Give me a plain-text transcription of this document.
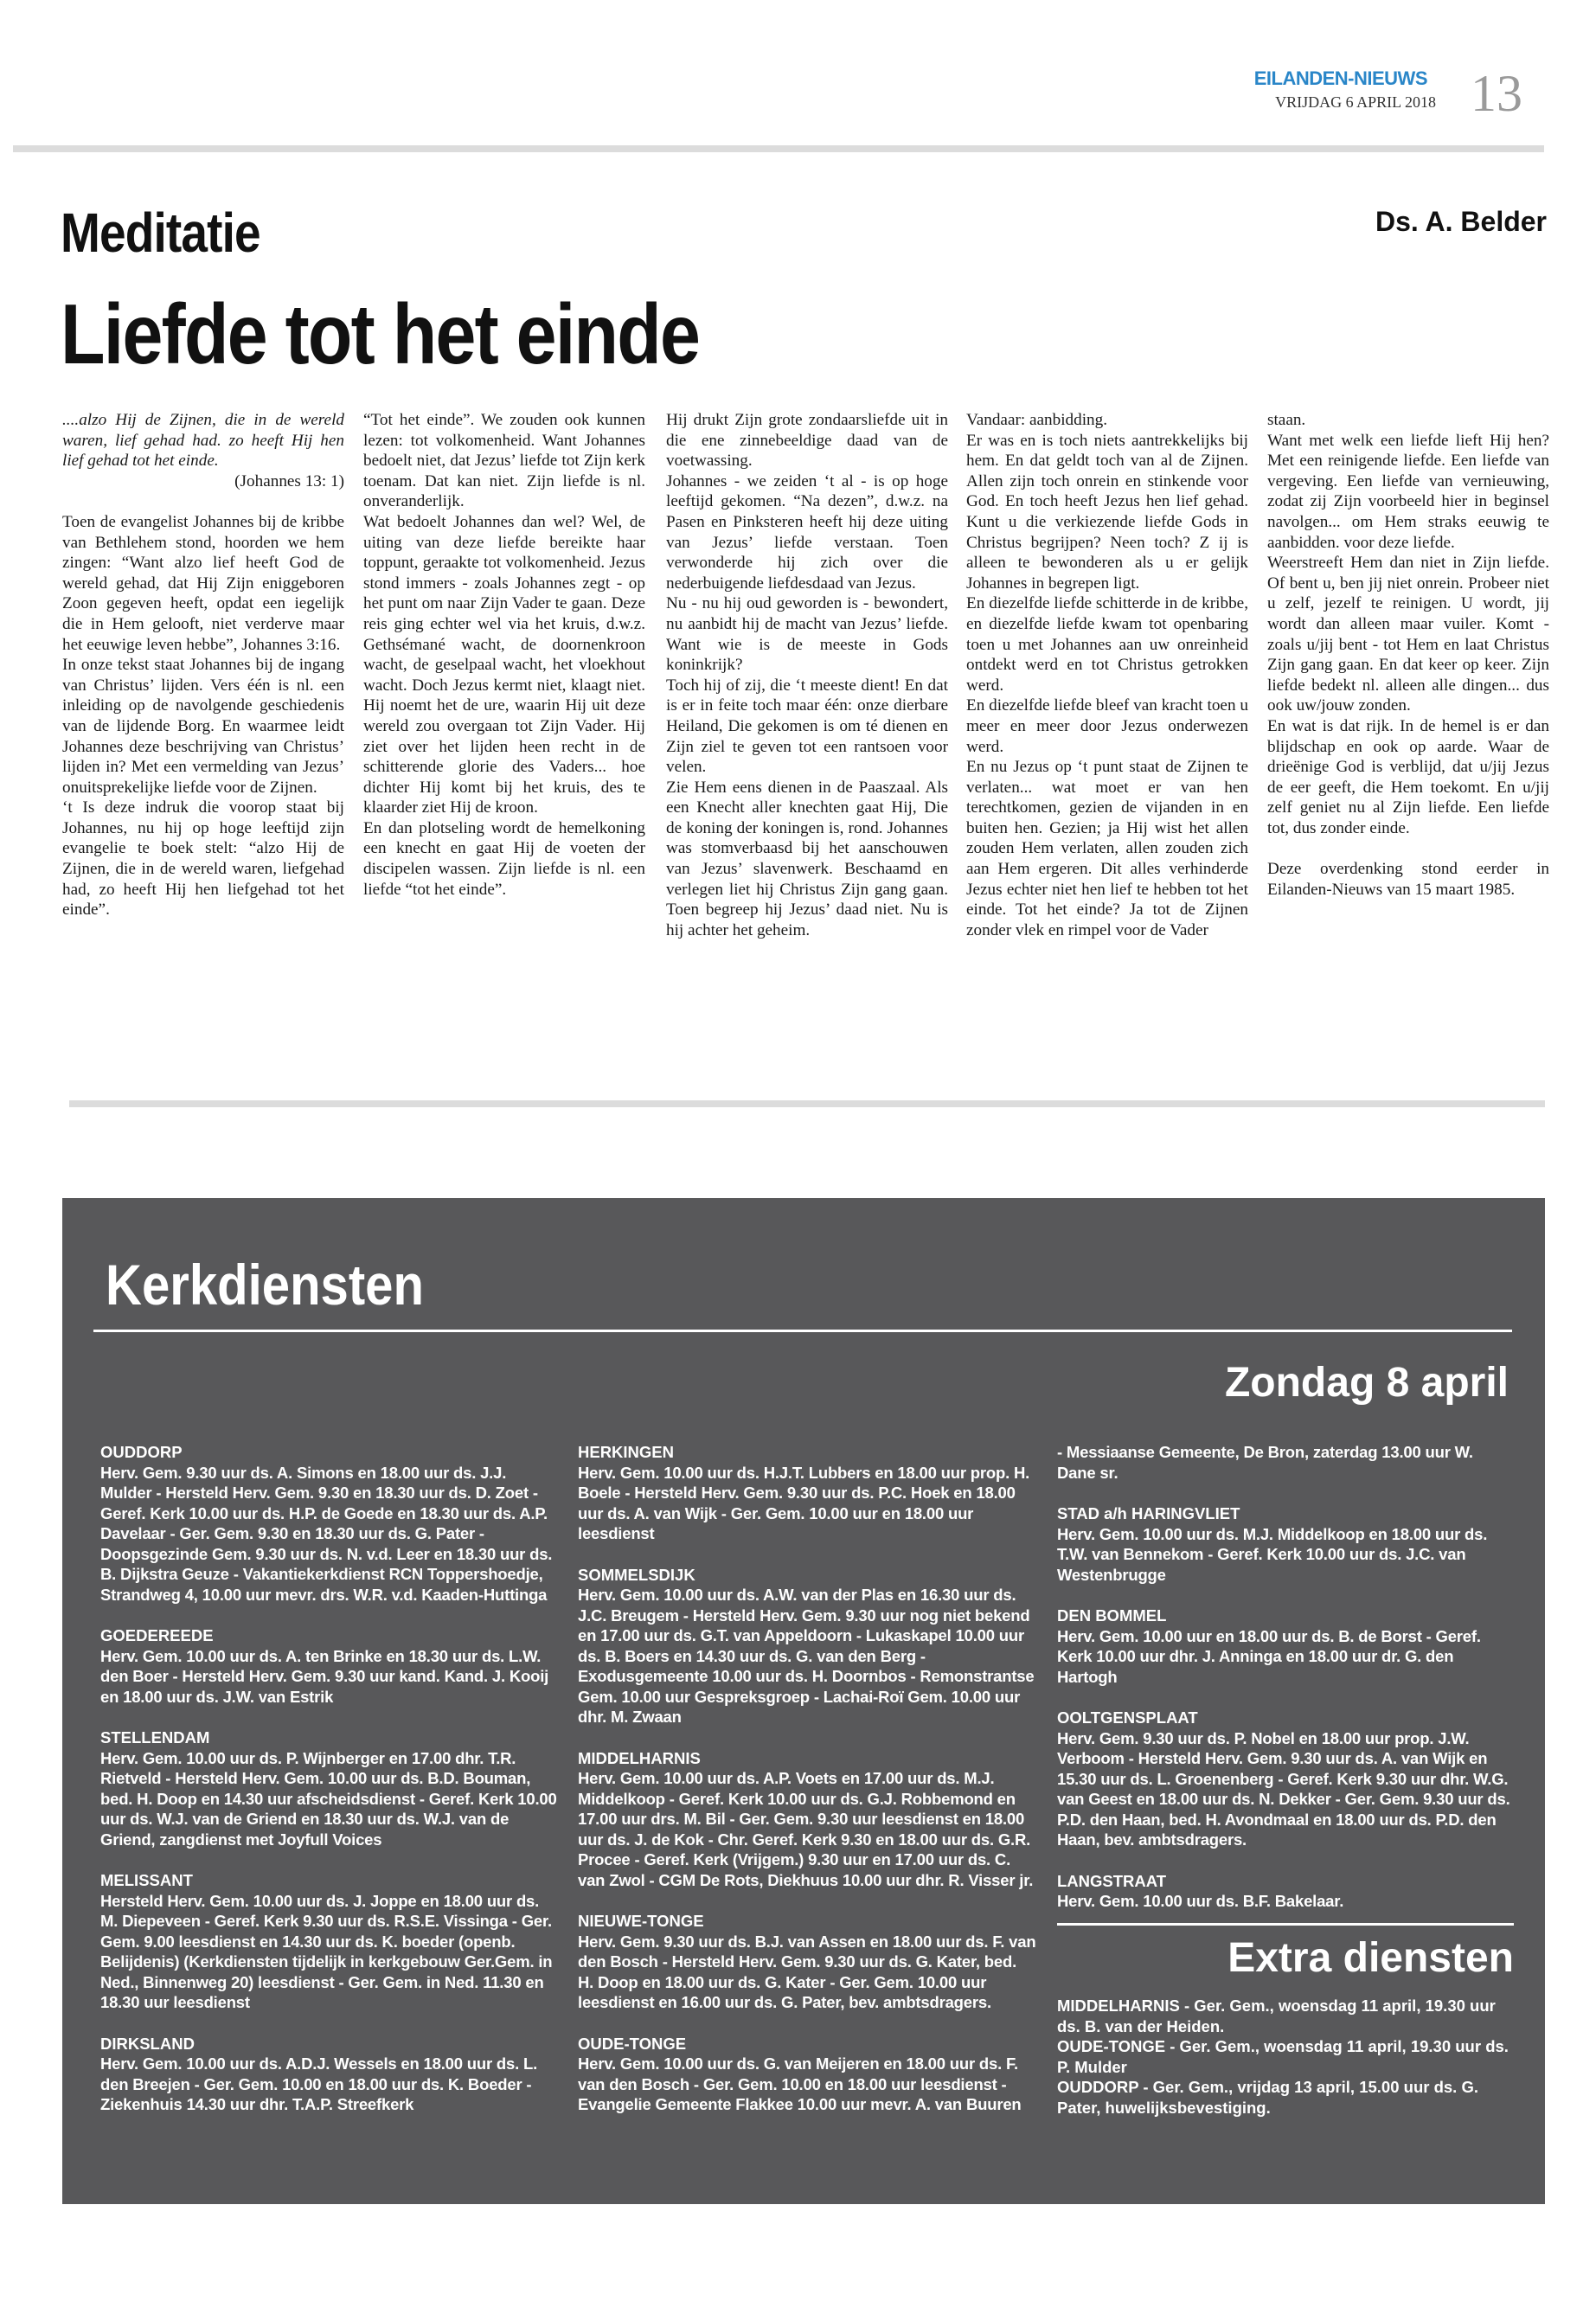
EILANDEN-NIEUWS
VRIJDAG 6 APRIL 2018 13
Meditatie	Ds. A. Belder
Liefde tot het einde

....alzo Hij de Zijnen, die in de wereld waren, lief gehad had. zo heeft Hij hen lief gehad tot het einde.

(Johannes 13: 1)

Toen de evangelist Johannes bij de kribbe van Bethlehem stond, hoorden we hem zingen: “Want alzo lief heeft God de wereld gehad, dat Hij Zijn eniggeboren Zoon gegeven heeft, opdat een iegelijk die in Hem gelooft, niet verderve maar het eeuwige leven hebbe”, Johannes 3:16.

In onze tekst staat Johannes bij de ingang van Christus’ lijden. Vers één is nl. een inleiding op de navolgende geschiedenis van de lijdende Borg. En waarmee leidt Johannes deze beschrijving van Christus’ lijden in? Met een vermelding van Jezus’ onuitsprekelijke liefde voor de Zijnen.

‘t Is deze indruk die voorop staat bij Johannes, nu hij op hoge leeftijd zijn evangelie te boek stelt: “alzo Hij de Zijnen, die in de wereld waren, liefgehad had, zo heeft Hij hen liefgehad tot het einde”.

“Tot het einde”. We zouden ook kunnen lezen: tot volkomenheid. Want Johannes bedoelt niet, dat Jezus’ liefde tot Zijn kerk toenam. Dat kan niet. Zijn liefde is nl. onveranderlijk.

Wat bedoelt Johannes dan wel? Wel, de uiting van deze liefde bereikte haar toppunt, geraakte tot volkomenheid. Jezus stond immers - zoals Johannes zegt - op het punt om naar Zijn Vader te gaan. Deze reis ging echter wel via het kruis, d.w.z. Gethsémané wacht, de doornenkroon wacht, de geselpaal wacht, het vloekhout wacht. Doch Jezus kermt niet, klaagt niet. Hij noemt het de ure, waarin Hij uit deze wereld zou overgaan tot Zijn Vader. Hij ziet over het lijden heen recht in de schitterende glorie des Vaders... hoe dichter Hij komt bij het kruis, des te klaarder ziet Hij de kroon.

En dan plotseling wordt de hemelkoning een knecht en gaat Hij de voeten der discipelen wassen. Zijn liefde is nl. een liefde “tot het einde”.

Hij drukt Zijn grote zondaarsliefde uit in die ene zinnebeeldige daad van de voetwassing.

Johannes - we zeiden ‘t al - is op hoge leeftijd gekomen. “Na dezen”, d.w.z. na Pasen en Pinksteren heeft hij deze uiting van Jezus’ liefde verstaan. Toen verwonderde hij zich over die nederbuigende liefdesdaad van Jezus.

Nu - nu hij oud geworden is - bewondert, nu aanbidt hij de macht van Jezus’ liefde. Want wie is de meeste in Gods koninkrijk?

Toch hij of zij, die ‘t meeste dient! En dat is er in feite toch maar één: onze dierbare Heiland, Die gekomen is om té dienen en Zijn ziel te geven tot een rantsoen voor velen.

Zie Hem eens dienen in de Paaszaal. Als een Knecht aller knechten gaat Hij, Die de koning der koningen is, rond. Johannes was stomverbaasd bij het aanschouwen van Jezus’ slavenwerk. Beschaamd en verlegen liet hij Christus Zijn gang gaan. Toen begreep hij Jezus’ daad niet. Nu is hij achter het geheim.

Vandaar: aanbidding.

Er was en is toch niets aantrekkelijks bij hem. En dat geldt toch van al de Zijnen. Allen zijn toch onrein en stinkende voor God. En toch heeft Jezus hen lief gehad. Kunt u die verkiezende liefde Gods in Christus begrijpen? Neen toch? Z ij is alleen te bewonderen als u er gelijk Johannes in begrepen ligt.

En diezelfde liefde schitterde in de kribbe, en diezelfde liefde kwam tot openbaring toen u met Johannes aan uw onreinheid ontdekt werd en tot Christus getrokken werd.

En diezelfde liefde bleef van kracht toen u meer en meer door Jezus onderwezen werd.

En nu Jezus op ‘t punt staat de Zijnen te verlaten... wat moet er van hen terechtkomen, gezien de vijanden in en buiten hen. Gezien; ja Hij wist het allen zouden Hem verlaten, allen zouden zich aan Hem ergeren. Dit alles verhinderde Jezus echter niet hen lief te hebben tot het einde. Tot het einde? Ja tot de Zijnen zonder vlek en rimpel voor de Vader

staan.

Want met welk een liefde lieft Hij hen? Met een reinigende liefde. Een liefde van vergeving. Een liefde van vernieuwing, zodat zij Zijn voorbeeld hier in beginsel navolgen... om Hem straks eeuwig te aanbidden. voor deze liefde.

Weerstreeft Hem dan niet in Zijn liefde. Of bent u, ben jij niet onrein. Probeer niet u zelf, jezelf te reinigen. U wordt, jij wordt dan alleen maar vuiler. Komt - zoals u/jij bent - tot Hem en laat Christus Zijn gang gaan. En dat keer op keer. Zijn liefde bedekt nl. alleen alle dingen... dus ook uw/jouw zonden.

En wat is dat rijk. In de hemel is er dan blijdschap en ook op aarde. Waar de drieënige God is verblijd, dat u/jij Jezus de eer geeft, die Hem toekomt. En u/jij zelf geniet nu al Zijn liefde. Een liefde tot, dus zonder einde.

Deze overdenking stond eerder in Eilanden-Nieuws van 15 maart 1985.

Kerkdiensten
Zondag 8 april
OUDDORP
Herv. Gem. 9.30 uur ds. A. Simons en 18.00 uur ds. J.J. Mulder - Hersteld Herv. Gem. 9.30 en 18.30 uur ds. D. Zoet - Geref. Kerk 10.00 uur ds. H.P. de Goede en 18.30 uur ds. A.P. Davelaar - Ger. Gem. 9.30 en 18.30 uur ds. G. Pater - Doopsgezinde Gem. 9.30 uur ds. N. v.d. Leer en 18.30 uur ds. B. Dijkstra Geuze - Vakantiekerkdienst RCN Toppershoedje, Strandweg 4, 10.00 uur mevr. drs. W.R. v.d. Kaaden-Huttinga
GOEDEREEDE
Herv. Gem. 10.00 uur ds. A. ten Brinke en 18.30 uur ds. L.W. den Boer - Hersteld Herv. Gem. 9.30 uur kand. Kand. J. Kooij en 18.00 uur ds. J.W. van Estrik
STELLENDAM
Herv. Gem. 10.00 uur ds. P. Wijnberger en 17.00 dhr. T.R. Rietveld - Hersteld Herv. Gem. 10.00 uur ds. B.D. Bouman, bed. H. Doop en 14.30 uur afscheidsdienst - Geref. Kerk 10.00 uur ds. W.J. van de Griend en 18.30 uur ds. W.J. van de Griend, zangdienst met Joyfull Voices
MELISSANT
Hersteld Herv. Gem. 10.00 uur ds. J. Joppe en 18.00 uur ds. M. Diepeveen - Geref. Kerk 9.30 uur ds. R.S.E. Vissinga - Ger. Gem. 9.00 leesdienst en 14.30 uur ds. K. boeder (openb. Belijdenis) (Kerkdiensten tijdelijk in kerkgebouw Ger.Gem. in Ned., Binnenweg 20) leesdienst - Ger. Gem. in Ned. 11.30 en 18.30 uur leesdienst
DIRKSLAND
Herv. Gem. 10.00 uur ds. A.D.J. Wessels en 18.00 uur ds. L. den Breejen - Ger. Gem. 10.00 en 18.00 uur ds. K. Boeder - Ziekenhuis 14.30 uur dhr. T.A.P. Streefkerk
HERKINGEN
Herv. Gem. 10.00 uur ds. H.J.T. Lubbers en 18.00 uur prop. H. Boele - Hersteld Herv. Gem. 9.30 uur ds. P.C. Hoek en 18.00 uur ds. A. van Wijk - Ger. Gem. 10.00 uur en 18.00 uur leesdienst
SOMMELSDIJK
Herv. Gem. 10.00 uur ds. A.W. van der Plas en 16.30 uur ds. J.C. Breugem - Hersteld Herv. Gem. 9.30 uur nog niet bekend en 17.00 uur ds. G.T. van Appeldoorn - Lukaskapel 10.00 uur ds. B. Boers en 14.30 uur ds. G. van den Berg - Exodusgemeente 10.00 uur ds. H. Doornbos - Remonstrantse Gem. 10.00 uur Gespreksgroep - Lachai-Roï Gem. 10.00 uur dhr. M. Zwaan
MIDDELHARNIS
Herv. Gem. 10.00 uur ds. A.P. Voets en 17.00 uur ds. M.J. Middelkoop - Geref. Kerk 10.00 uur ds. G.J. Robbemond en 17.00 uur drs. M. Bil - Ger. Gem. 9.30 uur leesdienst en 18.00 uur ds. J. de Kok - Chr. Geref. Kerk 9.30 en 18.00 uur ds. G.R. Procee - Geref. Kerk (Vrijgem.) 9.30 uur en 17.00 uur ds. C. van Zwol - CGM De Rots, Diekhuus 10.00 uur dhr. R. Visser jr.
NIEUWE-TONGE
Herv. Gem. 9.30 uur ds. B.J. van Assen en 18.00 uur ds. F. van den Bosch - Hersteld Herv. Gem. 9.30 uur ds. G. Kater, bed. H. Doop en 18.00 uur ds. G. Kater - Ger. Gem. 10.00 uur leesdienst en 16.00 uur ds. G. Pater, bev. ambtsdragers.
OUDE-TONGE
Herv. Gem. 10.00 uur ds. G. van Meijeren en 18.00 uur ds. F. van den Bosch - Ger. Gem. 10.00 en 18.00 uur leesdienst - Evangelie Gemeente Flakkee 10.00 uur mevr. A. van Buuren
- Messiaanse Gemeente, De Bron, zaterdag 13.00 uur W. Dane sr.
STAD a/h HARINGVLIET
Herv. Gem. 10.00 uur ds. M.J. Middelkoop en 18.00 uur ds. T.W. van Bennekom - Geref. Kerk 10.00 uur ds. J.C. van Westenbrugge
DEN BOMMEL
Herv. Gem. 10.00 uur en 18.00 uur ds. B. de Borst - Geref. Kerk 10.00 uur dhr. J. Anninga en 18.00 uur dr. G. den Hartogh
OOLTGENSPLAAT
Herv. Gem. 9.30 uur ds. P. Nobel en 18.00 uur prop. J.W. Verboom - Hersteld Herv. Gem. 9.30 uur ds. A. van Wijk en 15.30 uur ds. L. Groenenberg - Geref. Kerk 9.30 uur dhr. W.G. van Geest en 18.00 uur ds. N. Dekker - Ger. Gem. 9.30 uur ds. P.D. den Haan, bed. H. Avondmaal en 18.00 uur ds. P.D. den Haan, bev. ambtsdragers.
LANGSTRAAT
Herv. Gem. 10.00 uur ds. B.F. Bakelaar.
Extra diensten
MIDDELHARNIS - Ger. Gem., woensdag 11 april, 19.30 uur ds. B. van der Heiden.
OUDE-TONGE - Ger. Gem., woensdag 11 april, 19.30 uur ds. P. Mulder
OUDDORP - Ger. Gem., vrijdag 13 april, 15.00 uur ds. G. Pater, huwelijksbevestiging.
